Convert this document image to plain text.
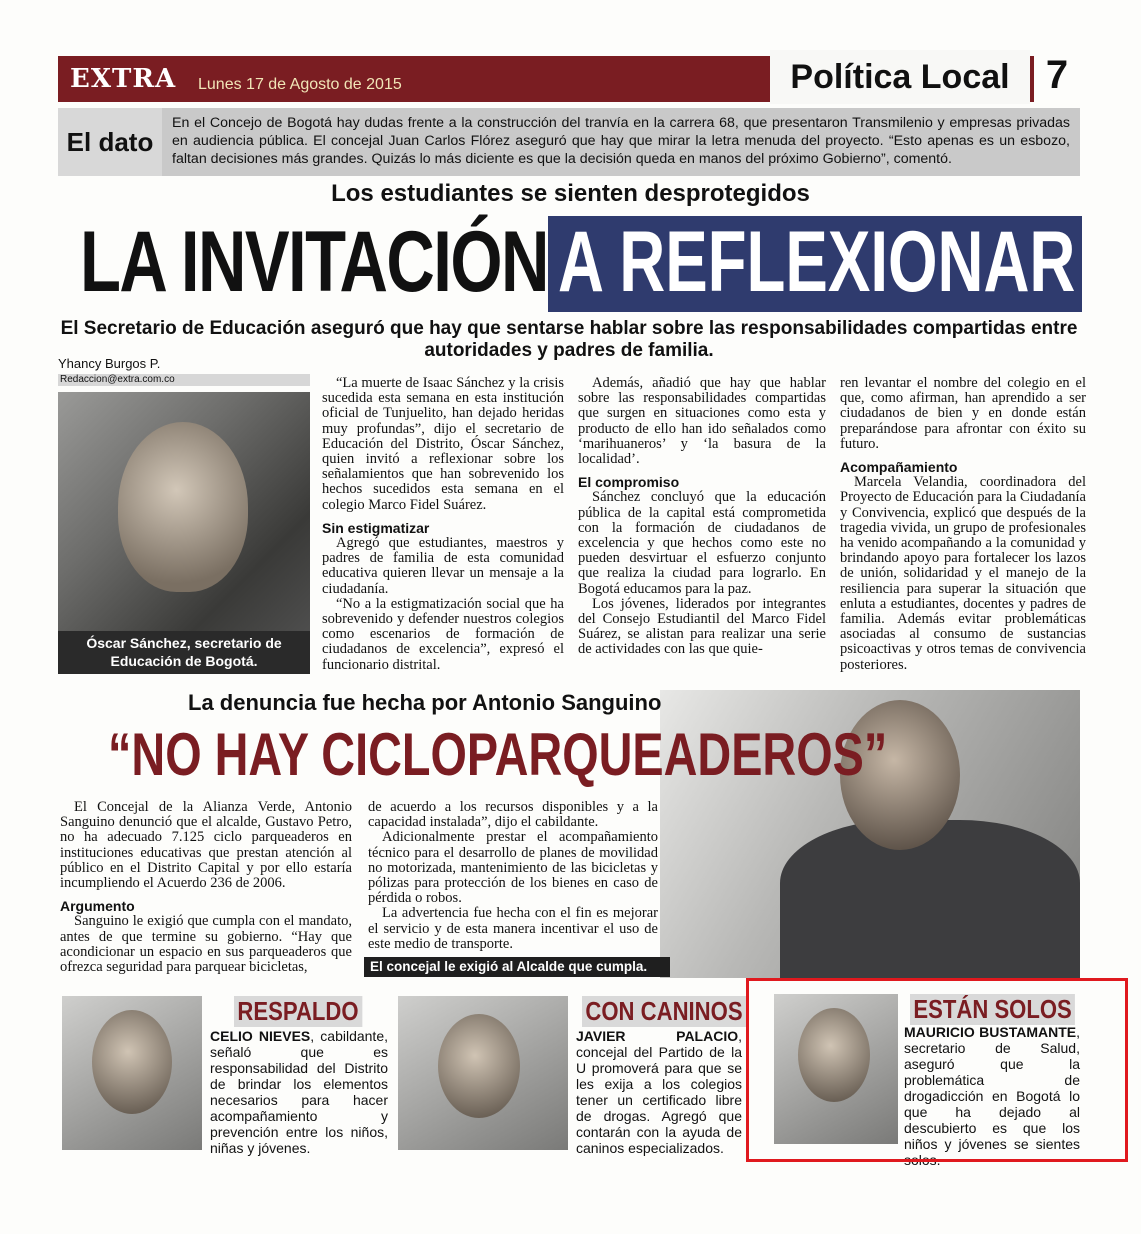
EXTRA Lunes 17 de Agosto de 2015	Política Local 7
El dato
En el Concejo de Bogotá hay dudas frente a la construcción del tranvía en la carrera 68, que presentaron Transmilenio y empresas privadas en audiencia pública. El concejal Juan Carlos Flórez aseguró que hay que mirar la letra menuda del proyecto. “Esto apenas es un esbozo, faltan decisiones más grandes. Quizás lo más diciente es que la decisión queda en manos del próximo Gobierno”, comentó.
Los estudiantes se sienten desprotegidos
LA INVITACIÓN A REFLEXIONAR
El Secretario de Educación aseguró que hay que sentarse hablar sobre las responsabilidades compartidas entre autoridades y padres de familia.
Yhancy Burgos P.
Redaccion@extra.com.co
Óscar Sánchez, secretario de Educación de Bogotá.

“La muerte de Isaac Sánchez y la crisis sucedida esta semana en esta institución oficial de Tunjuelito, han dejado heridas muy profundas”, dijo el secretario de Educación del Distrito, Óscar Sánchez, quien invitó a reflexionar sobre los señalamientos que han sobrevenido los hechos sucedidos esta semana en el colegio Marco Fidel Suárez.

Sin estigmatizar

Agregó que estudiantes, maestros y padres de familia de esta comunidad educativa quieren llevar un mensaje a la ciudadanía.

“No a la estigmatización social que ha sobrevenido y defender nuestros colegios como escenarios de formación de ciudadanos de excelencia”, expresó el funcionario distrital.

Además, añadió que hay que hablar sobre las responsabilidades compartidas que surgen en situaciones como esta y producto de ello han ido señalados como ‘marihuaneros’ y ‘la basura de la localidad’.

El compromiso

Sánchez concluyó que la educación pública de la capital está comprometida con la formación de ciudadanos de excelencia y que hechos como este no pueden desvirtuar el esfuerzo conjunto que realiza la ciudad para lograrlo. En Bogotá educamos para la paz.

Los jóvenes, liderados por integrantes del Consejo Estudiantil del Marco Fidel Suárez, se alistan para realizar una serie de actividades con las que quie-

ren levantar el nombre del colegio en el que, como afirman, han aprendido a ser ciudadanos de bien y en donde están preparándose para afrontar con éxito su futuro.

Acompañamiento

Marcela Velandia, coordinadora del Proyecto de Educación para la Ciudadanía y Convivencia, explicó que después de la tragedia vivida, un grupo de profesionales ha venido acompañando a la comunidad y brindando apoyo para fortalecer los lazos de unión, solidaridad y el manejo de la resiliencia para superar la situación que enluta a estudiantes, docentes y padres de familia. Además evitar problemáticas asociadas al consumo de sustancias psicoactivas y otros temas de convivencia posteriores.

La denuncia fue hecha por Antonio Sanguino
“NO HAY CICLOPARQUEADEROS”

El Concejal de la Alianza Verde, Antonio Sanguino denunció que el alcalde, Gustavo Petro, no ha adecuado 7.125 ciclo parqueaderos en instituciones educativas que prestan atención al público en el Distrito Capital y por ello estaría incumpliendo el Acuerdo 236 de 2006.

Argumento

Sanguino le exigió que cumpla con el mandato, antes de que termine su gobierno. “Hay que acondicionar un espacio en sus parqueaderos que ofrezca seguridad para parquear bicicletas,

de acuerdo a los recursos disponibles y a la capacidad instalada”, dijo el cabildante.

Adicionalmente prestar el acompañamiento técnico para el desarrollo de planes de movilidad no motorizada, mantenimiento de las bicicletas y pólizas para protección de los bienes en caso de pérdida o robos.

La advertencia fue hecha con el fin es mejorar el servicio y de esta manera incentivar el uso de este medio de transporte.

El concejal le exigió al Alcalde que cumpla.
RESPALDO
CELIO NIEVES, cabildante, señaló que es responsabilidad del Distrito de brindar los elementos necesarios para hacer acompañamiento y prevención entre los niños, niñas y jóvenes.
CON CANINOS
JAVIER PALACIO, concejal del Partido de la U promoverá para que se les exija a los colegios tener un certificado libre de drogas. Agregó que contarán con la ayuda de caninos especializados.
ESTÁN SOLOS
MAURICIO BUSTAMANTE, secretario de Salud, aseguró que la problemática de drogadicción en Bogotá lo que ha dejado al descubierto es que los niños y jóvenes se sientes solos.
